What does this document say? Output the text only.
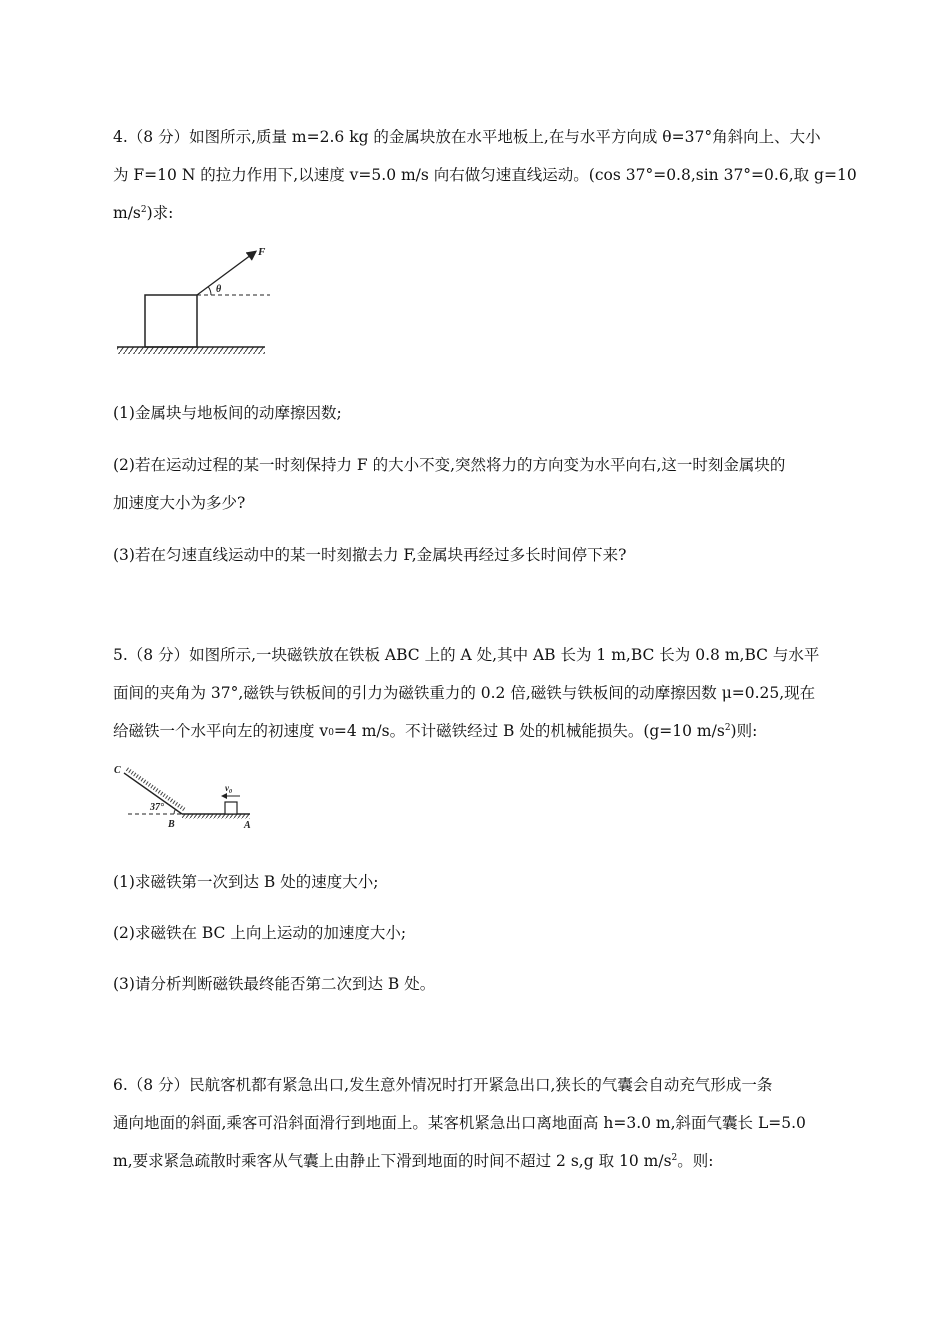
4.（8 分）如图所示,质量 m=2.6 kg 的金属块放在水平地板上,在与水平方向成 θ=37°角斜向上、大小
为 F=10 N 的拉力作用下,以速度 v=5.0 m/s 向右做匀速直线运动。(cos 37°=0.8,sin 37°=0.6,取 g=10
$m/s^2$)求:
F
θ
(1)金属块与地板间的动摩擦因数;
(2)若在运动过程的某一时刻保持力 F 的大小不变,突然将力的方向变为水平向右,这一时刻金属块的
加速度大小为多少?
(3)若在匀速直线运动中的某一时刻撤去力 F,金属块再经过多长时间停下来?
5.（8 分）如图所示,一块磁铁放在铁板 ABC 上的 A 处,其中 AB 长为 1 m,BC 长为 0.8 m,BC 与水平
面间的夹角为 37°,磁铁与铁板间的引力为磁铁重力的 0.2 倍,磁铁与铁板间的动摩擦因数 μ=0.25,现在
给磁铁一个水平向左的初速度 $v_0=4$ m/s。不计磁铁经过 B 处的机械能损失。(g=10 $m/s^2$)则:
C
37°
B	A
$v_0$
(1)求磁铁第一次到达 B 处的速度大小;
(2)求磁铁在 BC 上向上运动的加速度大小;
(3)请分析判断磁铁最终能否第二次到达 B 处。
6.（8 分）民航客机都有紧急出口,发生意外情况时打开紧急出口,狭长的气囊会自动充气形成一条
通向地面的斜面,乘客可沿斜面滑行到地面上。某客机紧急出口离地面高 h=3.0 m,斜面气囊长 L=5.0
m,要求紧急疏散时乘客从气囊上由静止下滑到地面的时间不超过 2 s,g 取 10 $m/s^2$。则:
